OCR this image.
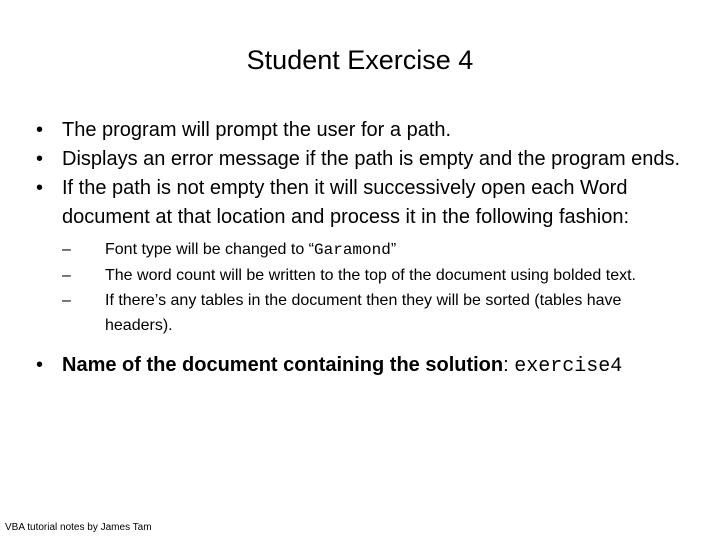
Student Exercise 4
• The program will prompt the user for a path.
• Displays an error message if the path is empty and the program ends.
• If the path is not empty then it will successively open each Word document at that location and process it in the following fashion:
–	Font type will be changed to “Garamond”
–	The word count will be written to the top of the document using bolded text.
–	If there’s any tables in the document then they will be sorted (tables have headers).
• Name of the document containing the solution: exercise4
VBA tutorial notes by James Tam
